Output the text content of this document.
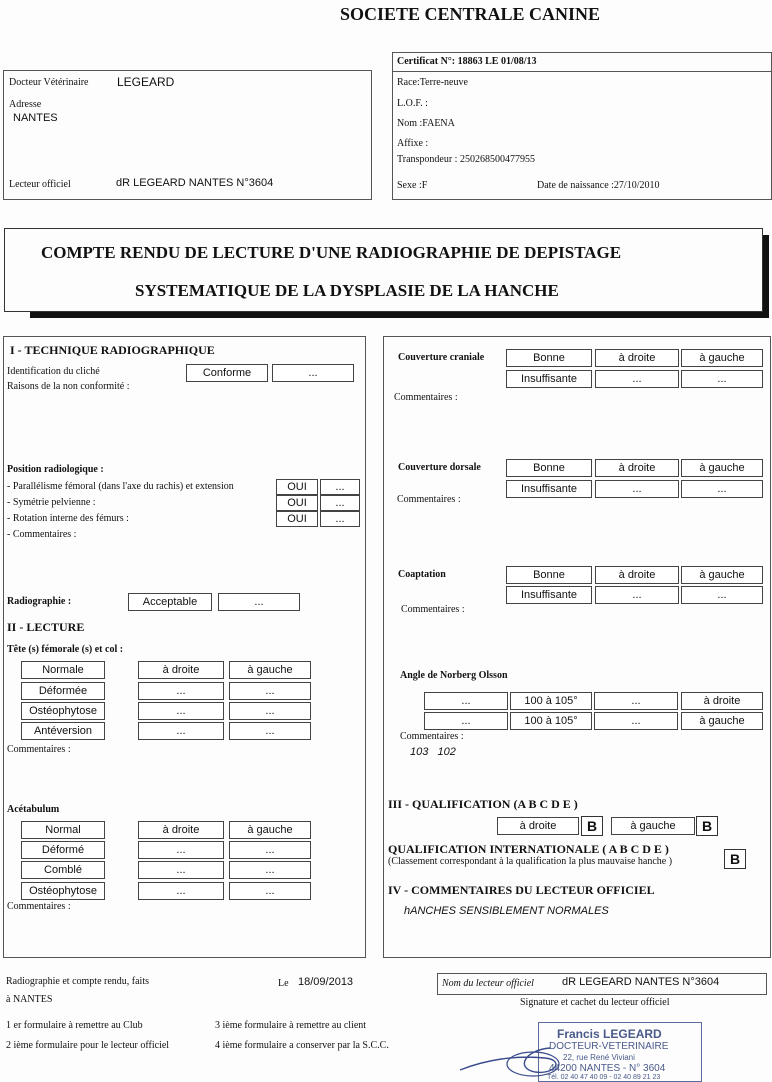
SOCIETE CENTRALE CANINE
Docteur Vétérinaire LEGEARD
Adresse
NANTES
Lecteur officiel	dR LEGEARD NANTES N°3604
Certificat N°: 18863 LE 01/08/13
Race:Terre-neuve
L.O.F. :
Nom :FAENA
Affixe :
Transpondeur : 250268500477955
Sexe :F	Date de naissance :27/10/2010
COMPTE RENDU DE LECTURE D'UNE RADIOGRAPHIE DE DEPISTAGE
SYSTEMATIQUE DE LA DYSPLASIE DE LA HANCHE
I - TECHNIQUE RADIOGRAPHIQUE
Identification du cliché	Conforme	...
Raisons de la non conformité :
Position radiologique :
- Parallélisme fémoral (dans l'axe du rachis) et extension	OUI	...
- Symétrie pelvienne :	OUI	...
- Rotation interne des fémurs :	OUI	...
- Commentaires :
Radiographie :	Acceptable	...
II - LECTURE
Tête (s) fémorale (s) et col :
Normale	à droite	à gauche
Déformée	...	...
Ostéophytose	...	...
Antéversion	...	...
Commentaires :
Acétabulum
Normal	à droite	à gauche
Déformé	...	...
Comblé	...	...
Ostéophytose	...	...
Commentaires :
Couverture craniale	Bonne	à droite	à gauche
Insuffisante	...	...
Commentaires :
Couverture dorsale	Bonne	à droite	à gauche
Insuffisante	...	...
Commentaires :
Coaptation	Bonne	à droite	à gauche
Insuffisante	...	...
Commentaires :
Angle de Norberg Olsson
...	100 à 105°	...	à droite
...	100 à 105°	...	à gauche
Commentaires :
103   102
III - QUALIFICATION (A B C D E )
à droite	B	à gauche	B
QUALIFICATION INTERNATIONALE ( A B C D E )
(Classement correspondant à la qualification la plus mauvaise hanche )	B
IV - COMMENTAIRES DU LECTEUR OFFICIEL
hANCHES SENSIBLEMENT NORMALES
Radiographie et compte rendu, faits	Le 18/09/2013
à NANTES
Nom du lecteur officiel	dR LEGEARD NANTES N°3604
Signature et cachet du lecteur officiel
1 er formulaire à remettre au Club
2 ième formulaire pour le lecteur officiel
3 ième formulaire à remettre au client
4 ième formulaire a conserver par la S.C.C.
Francis LEGEARD
DOCTEUR-VETERINAIRE
22, rue René Viviani
44200 NANTES - N° 3604
Tél. 02 40 47 40 09 - 02 40 89 21 23
